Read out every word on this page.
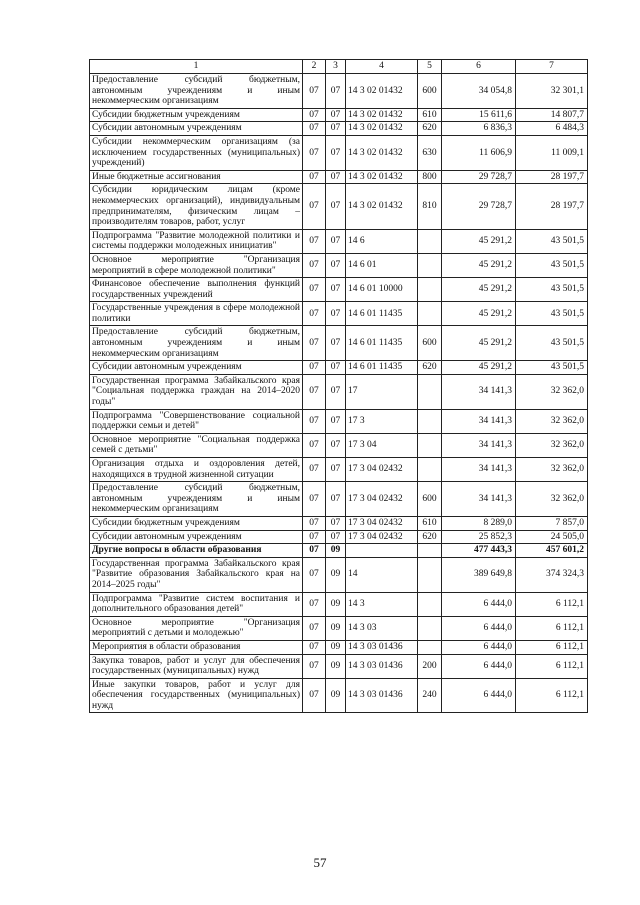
1	2	3	4	5	6	7
Предоставление субсидий бюджетным, автономным учреждениям и иным некоммерческим организациям	07	07	14 3 02 01432	600	34 054,8	32 301,1
Субсидии бюджетным учреждениям	07	07	14 3 02 01432	610	15 611,6	14 807,7
Субсидии автономным учреждениям	07	07	14 3 02 01432	620	6 836,3	6 484,3
Субсидии некоммерческим организациям (за исключением государственных (муниципальных) учреждений)	07	07	14 3 02 01432	630	11 606,9	11 009,1
Иные бюджетные ассигнования	07	07	14 3 02 01432	800	29 728,7	28 197,7
Субсидии юридическим лицам (кроме некоммерческих организаций), индивидуальным предпринимателям, физическим лицам – производителям товаров, работ, услуг	07	07	14 3 02 01432	810	29 728,7	28 197,7
Подпрограмма "Развитие молодежной политики и системы поддержки молодежных инициатив"	07	07	14 6		45 291,2	43 501,5
Основное мероприятие "Организация мероприятий в сфере молодежной политики"	07	07	14 6 01		45 291,2	43 501,5
Финансовое обеспечение выполнения функций государственных учреждений	07	07	14 6 01 10000		45 291,2	43 501,5
Государственные учреждения в сфере молодежной политики	07	07	14 6 01 11435		45 291,2	43 501,5
Предоставление субсидий бюджетным, автономным учреждениям и иным некоммерческим организациям	07	07	14 6 01 11435	600	45 291,2	43 501,5
Субсидии автономным учреждениям	07	07	14 6 01 11435	620	45 291,2	43 501,5
Государственная программа Забайкальского края "Социальная поддержка граждан на 2014–2020 годы"	07	07	17		34 141,3	32 362,0
Подпрограмма "Совершенствование социальной поддержки семьи и детей"	07	07	17 3		34 141,3	32 362,0
Основное мероприятие "Социальная поддержка семей с детьми"	07	07	17 3 04		34 141,3	32 362,0
Организация отдыха и оздоровления детей, находящихся в трудной жизненной ситуации	07	07	17 3 04 02432		34 141,3	32 362,0
Предоставление субсидий бюджетным, автономным учреждениям и иным некоммерческим организациям	07	07	17 3 04 02432	600	34 141,3	32 362,0
Субсидии бюджетным учреждениям	07	07	17 3 04 02432	610	8 289,0	7 857,0
Субсидии автономным учреждениям	07	07	17 3 04 02432	620	25 852,3	24 505,0
Другие вопросы в области образования	07	09			477 443,3	457 601,2
Государственная программа Забайкальского края "Развитие образования Забайкальского края на 2014–2025 годы"	07	09	14		389 649,8	374 324,3
Подпрограмма "Развитие систем воспитания и дополнительного образования детей"	07	09	14 3		6 444,0	6 112,1
Основное мероприятие "Организация мероприятий с детьми и молодежью"	07	09	14 3 03		6 444,0	6 112,1
Мероприятия в области образования	07	09	14 3 03 01436		6 444,0	6 112,1
Закупка товаров, работ и услуг для обеспечения государственных (муниципальных) нужд	07	09	14 3 03 01436	200	6 444,0	6 112,1
Иные закупки товаров, работ и услуг для обеспечения государственных (муниципальных) нужд	07	09	14 3 03 01436	240	6 444,0	6 112,1
57
